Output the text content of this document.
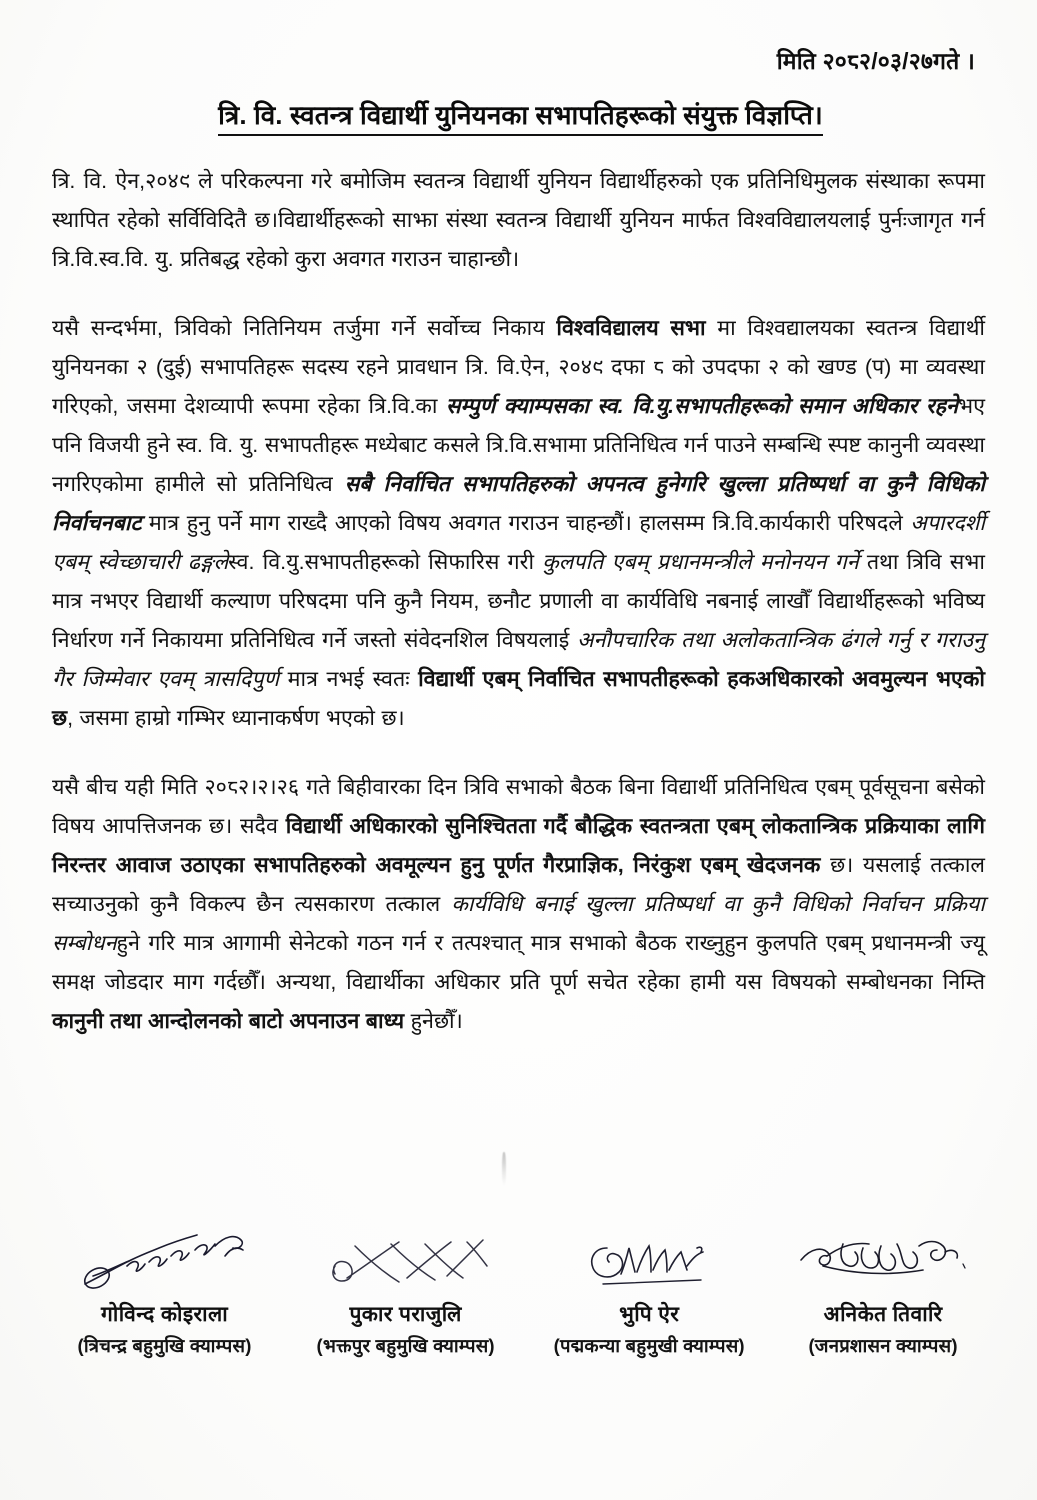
मिति २०८२/०३/२७गते ।
त्रि. वि. स्वतन्त्र विद्यार्थी युनियनका सभापतिहरूको संयुक्त विज्ञप्ति।

त्रि. वि. ऐन,२०४९ ले परिकल्पना गरे बमोजिम स्वतन्त्र विद्यार्थी युनियन विद्यार्थीहरुको एक प्रतिनिधिमुलक संस्थाका रूपमा स्थापित रहेको सर्विविदितै छ।विद्यार्थीहरूको साझा संस्था स्वतन्त्र विद्यार्थी युनियन मार्फत विश्वविद्यालयलाई पुर्नःजागृत गर्न त्रि.वि.स्व.वि. यु. प्रतिबद्ध रहेको कुरा अवगत गराउन चाहान्छौ।

यसै सन्दर्भमा, त्रिविको नितिनियम तर्जुमा गर्ने सर्वोच्च निकाय विश्वविद्यालय सभा मा विश्वद्यालयका स्वतन्त्र विद्यार्थी युनियनका २ (दुई) सभापतिहरू सदस्य रहने प्रावधान त्रि. वि.ऐन, २०४९ दफा ८ को उपदफा २ को खण्ड (प) मा व्यवस्था गरिएको, जसमा देशव्यापी रूपमा रहेका त्रि.वि.का सम्पुर्ण क्याम्पसका स्व. वि.यु.सभापतीहरूको समान अधिकार रहनेभए पनि विजयी हुने स्व. वि. यु. सभापतीहरू मध्येबाट कसले त्रि.वि.सभामा प्रतिनिधित्व गर्न पाउने सम्बन्धि स्पष्ट कानुनी व्यवस्था नगरिएकोमा हामीले सो प्रतिनिधित्व सबै निर्वाचित सभापतिहरुको अपनत्व हुनेगरि खुल्ला प्रतिष्पर्धा वा कुनै विधिको निर्वाचनबाट मात्र हुनु पर्ने माग राख्दै आएको विषय अवगत गराउन चाहन्छौं। हालसम्म त्रि.वि.कार्यकारी परिषदले अपारदर्शी एबम् स्वेच्छाचारी ढङ्गलेस्व. वि.यु.सभापतीहरूको सिफारिस गरी कुलपति एबम् प्रधानमन्त्रीले मनोनयन गर्ने तथा त्रिवि सभा मात्र नभएर विद्यार्थी कल्याण परिषदमा पनि कुनै नियम, छनौट प्रणाली वा कार्यविधि नबनाई लाखौँ विद्यार्थीहरूको भविष्य निर्धारण गर्ने निकायमा प्रतिनिधित्व गर्ने जस्तो संवेदनशिल विषयलाई अनौपचारिक तथा अलोकतान्त्रिक ढंगले गर्नु र गराउनु गैर जिम्मेवार एवम् त्रासदिपुर्ण मात्र नभई स्वतः विद्यार्थी एबम् निर्वाचित सभापतीहरूको हकअधिकारको अवमुल्यन भएको छ, जसमा हाम्रो गम्भिर ध्यानाकर्षण भएको छ।

यसै बीच यही मिति २०८२।२।२६ गते बिहीवारका दिन त्रिवि सभाको बैठक बिना विद्यार्थी प्रतिनिधित्व एबम् पूर्वसूचना बसेको विषय आपत्तिजनक छ। सदैव विद्यार्थी अधिकारको सुनिश्चितता गर्दै बौद्धिक स्वतन्त्रता एबम् लोकतान्त्रिक प्रक्रियाका लागि निरन्तर आवाज उठाएका सभापतिहरुको अवमूल्यन हुनु पूर्णत गैरप्राज्ञिक, निरंकुश एबम् खेदजनक छ। यसलाई तत्काल सच्याउनुको कुनै विकल्प छैन त्यसकारण तत्काल कार्यविधि बनाई खुल्ला प्रतिष्पर्धा वा कुनै विधिको निर्वाचन प्रक्रिया सम्बोधनहुने गरि मात्र आगामी सेनेटको गठन गर्न र तत्पश्चात् मात्र सभाको बैठक राख्नुहुन कुलपति एबम् प्रधानमन्त्री ज्यू समक्ष जोडदार माग गर्दछौँ। अन्यथा, विद्यार्थीका अधिकार प्रति पूर्ण सचेत रहेका हामी यस विषयको सम्बोधनका निम्ति कानुनी तथा आन्दोलनको बाटो अपनाउन बाध्य हुनेछौँ।

गोविन्द कोइराला
(त्रिचन्द्र बहुमुखि क्याम्पस)
पुकार पराजुलि
(भक्तपुर बहुमुखि क्याम्पस)
भुपि ऐर
(पद्मकन्या बहुमुखी क्याम्पस)
अनिकेत तिवारि
(जनप्रशासन क्याम्पस)
